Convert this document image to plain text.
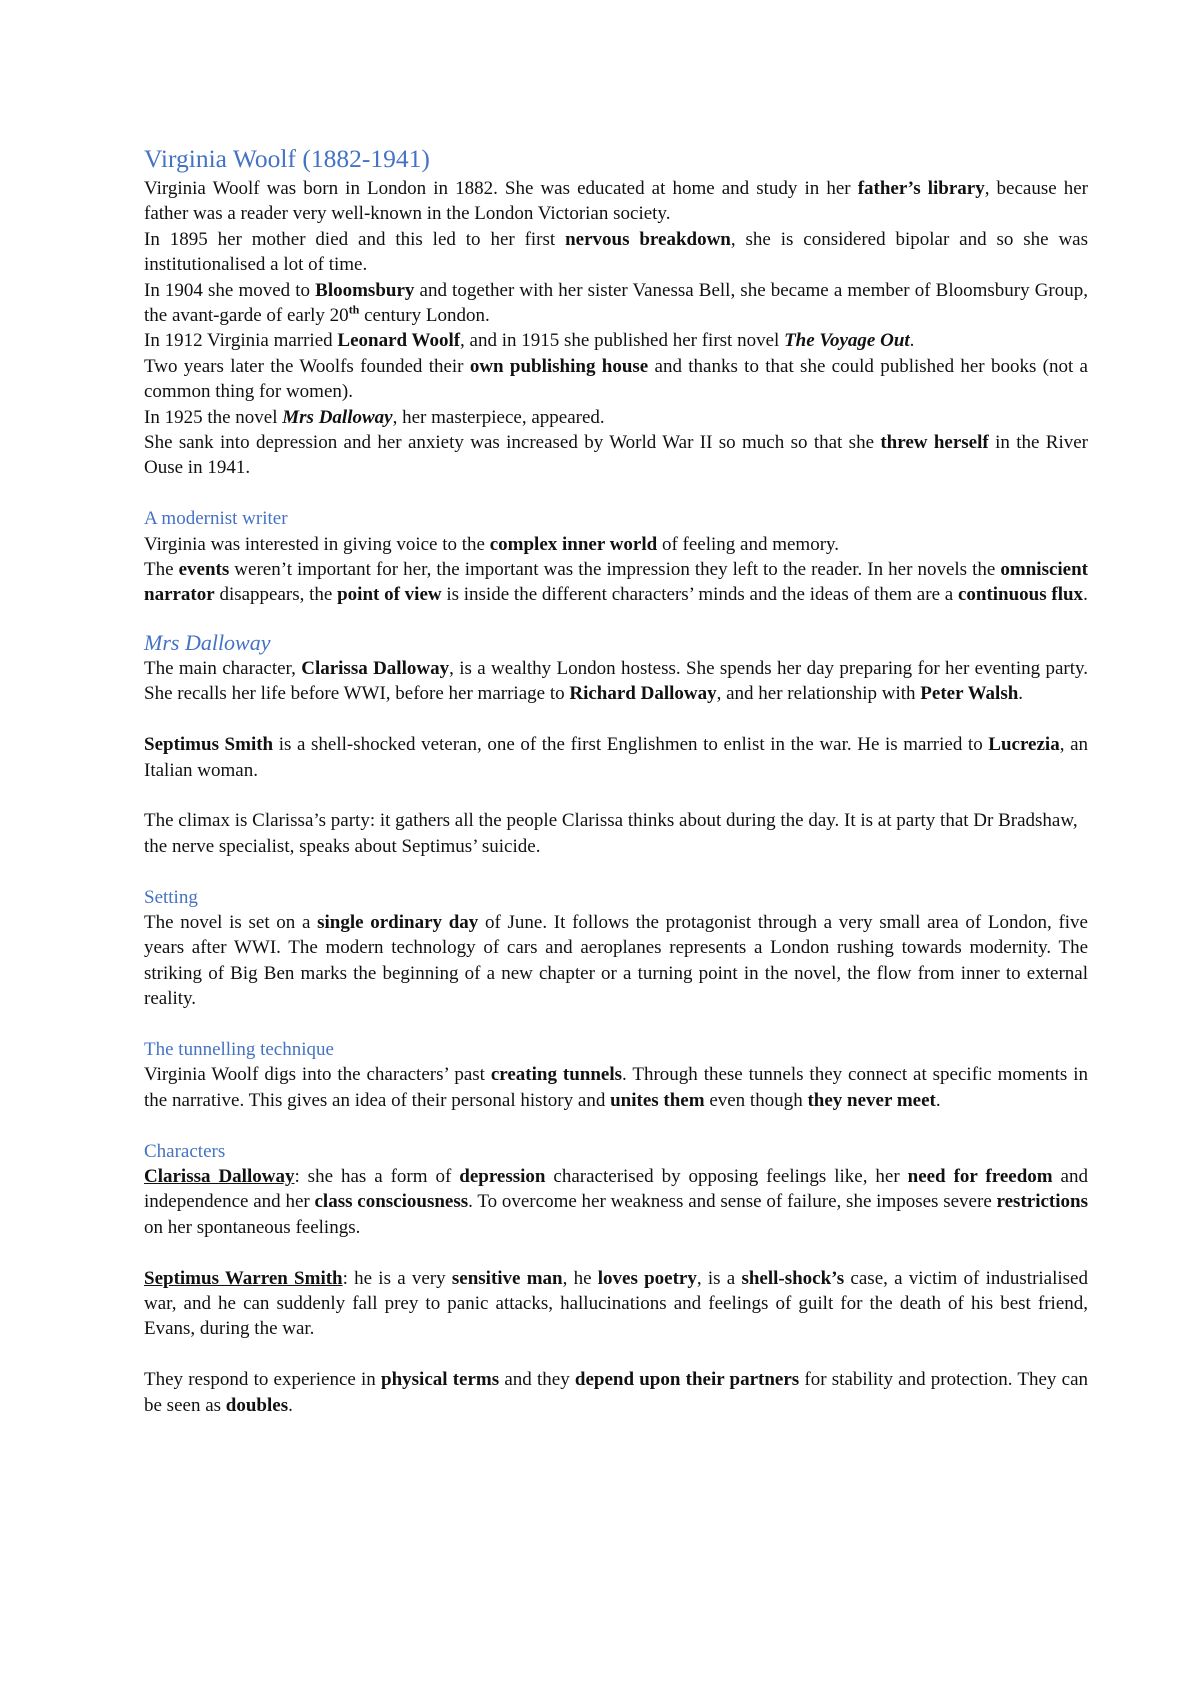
Virginia Woolf (1882-1941)

Virginia Woolf was born in London in 1882. She was educated at home and study in her father’s library, because her father was a reader very well-known in the London Victorian society.

In 1895 her mother died and this led to her first nervous breakdown, she is considered bipolar and so she was institutionalised a lot of time.

In 1904 she moved to Bloomsbury and together with her sister Vanessa Bell, she became a member of Bloomsbury Group, the avant-garde of early 20th century London.

In 1912 Virginia married Leonard Woolf, and in 1915 she published her first novel The Voyage Out.

Two years later the Woolfs founded their own publishing house and thanks to that she could published her books (not a common thing for women).

In 1925 the novel Mrs Dalloway, her masterpiece, appeared.

She sank into depression and her anxiety was increased by World War II so much so that she threw herself in the River Ouse in 1941.

A modernist writer

Virginia was interested in giving voice to the complex inner world of feeling and memory.

The events weren’t important for her, the important was the impression they left to the reader. In her novels the omniscient narrator disappears, the point of view is inside the different characters’ minds and the ideas of them are a continuous flux.

Mrs Dalloway

The main character, Clarissa Dalloway, is a wealthy London hostess. She spends her day preparing for her eventing party. She recalls her life before WWI, before her marriage to Richard Dalloway, and her relationship with Peter Walsh.

Septimus Smith is a shell-shocked veteran, one of the first Englishmen to enlist in the war. He is married to Lucrezia, an Italian woman.

The climax is Clarissa’s party: it gathers all the people Clarissa thinks about during the day. It is at party that Dr Bradshaw, the nerve specialist, speaks about Septimus’ suicide.

Setting

The novel is set on a single ordinary day of June. It follows the protagonist through a very small area of London, five years after WWI. The modern technology of cars and aeroplanes represents a London rushing towards modernity. The striking of Big Ben marks the beginning of a new chapter or a turning point in the novel, the flow from inner to external reality.

The tunnelling technique

Virginia Woolf digs into the characters’ past creating tunnels. Through these tunnels they connect at specific moments in the narrative. This gives an idea of their personal history and unites them even though they never meet.

Characters

Clarissa Dalloway: she has a form of depression characterised by opposing feelings like, her need for freedom and independence and her class consciousness. To overcome her weakness and sense of failure, she imposes severe restrictions on her spontaneous feelings.

Septimus Warren Smith: he is a very sensitive man, he loves poetry, is a shell-shock’s case, a victim of industrialised war, and he can suddenly fall prey to panic attacks, hallucinations and feelings of guilt for the death of his best friend, Evans, during the war.

They respond to experience in physical terms and they depend upon their partners for stability and protection. They can be seen as doubles.
